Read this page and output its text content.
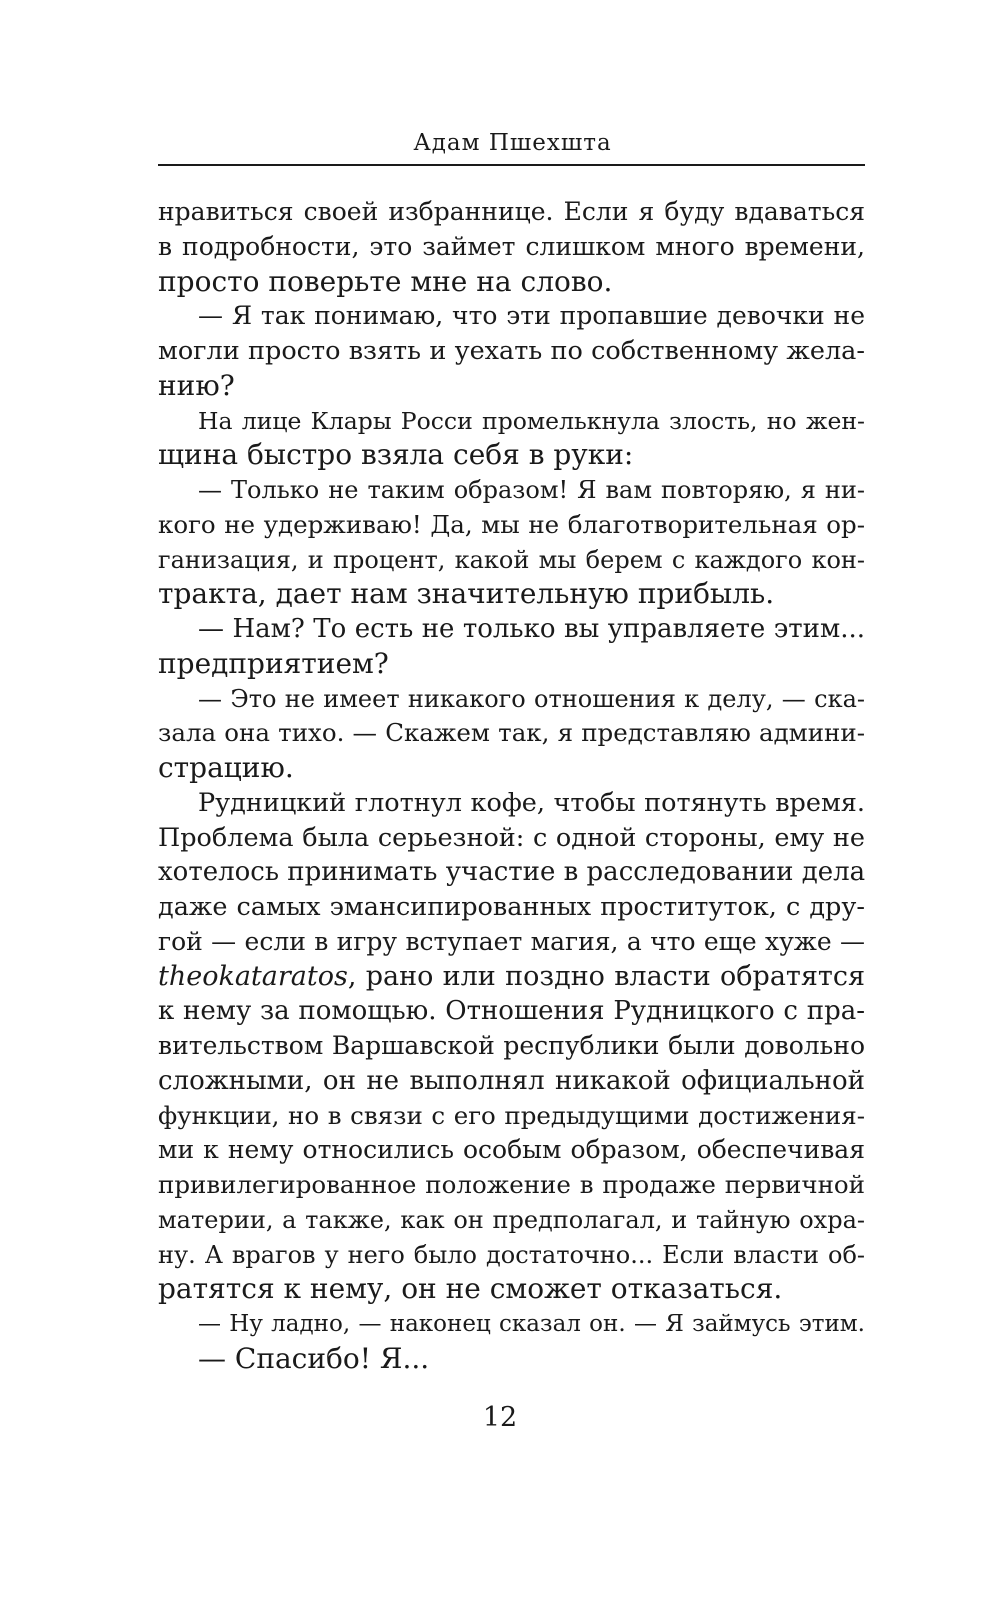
Адам Пшехшта
нравиться своей избраннице. Если я буду вдаваться
в подробности, это займет слишком много времени,
просто поверьте мне на слово.
— Я так понимаю, что эти пропавшие девочки не
могли просто взять и уехать по собственному жела-
нию?
На лице Клары Росси промелькнула злость, но жен-
щина быстро взяла себя в руки:
— Только не таким образом! Я вам повторяю, я ни-
кого не удерживаю! Да, мы не благотворительная ор-
ганизация, и процент, какой мы берем с каждого кон-
тракта, дает нам значительную прибыль.
— Нам? То есть не только вы управляете этим...
предприятием?
— Это не имеет никакого отношения к делу, — ска-
зала она тихо. — Скажем так, я представляю админи-
страцию.
Рудницкий глотнул кофе, чтобы потянуть время.
Проблема была серьезной: с одной стороны, ему не
хотелось принимать участие в расследовании дела
даже самых эмансипированных проституток, с дру-
гой — если в игру вступает магия, а что еще хуже —
theokataratos, рано или поздно власти обратятся
к нему за помощью. Отношения Рудницкого с пра-
вительством Варшавской республики были довольно
сложными, он не выполнял никакой официальной
функции, но в связи с его предыдущими достижения-
ми к нему относились особым образом, обеспечивая
привилегированное положение в продаже первичной
материи, а также, как он предполагал, и тайную охра-
ну. А врагов у него было достаточно... Если власти об-
ратятся к нему, он не сможет отказаться.
— Ну ладно, — наконец сказал он. — Я займусь этим.
— Спасибо! Я...
12
